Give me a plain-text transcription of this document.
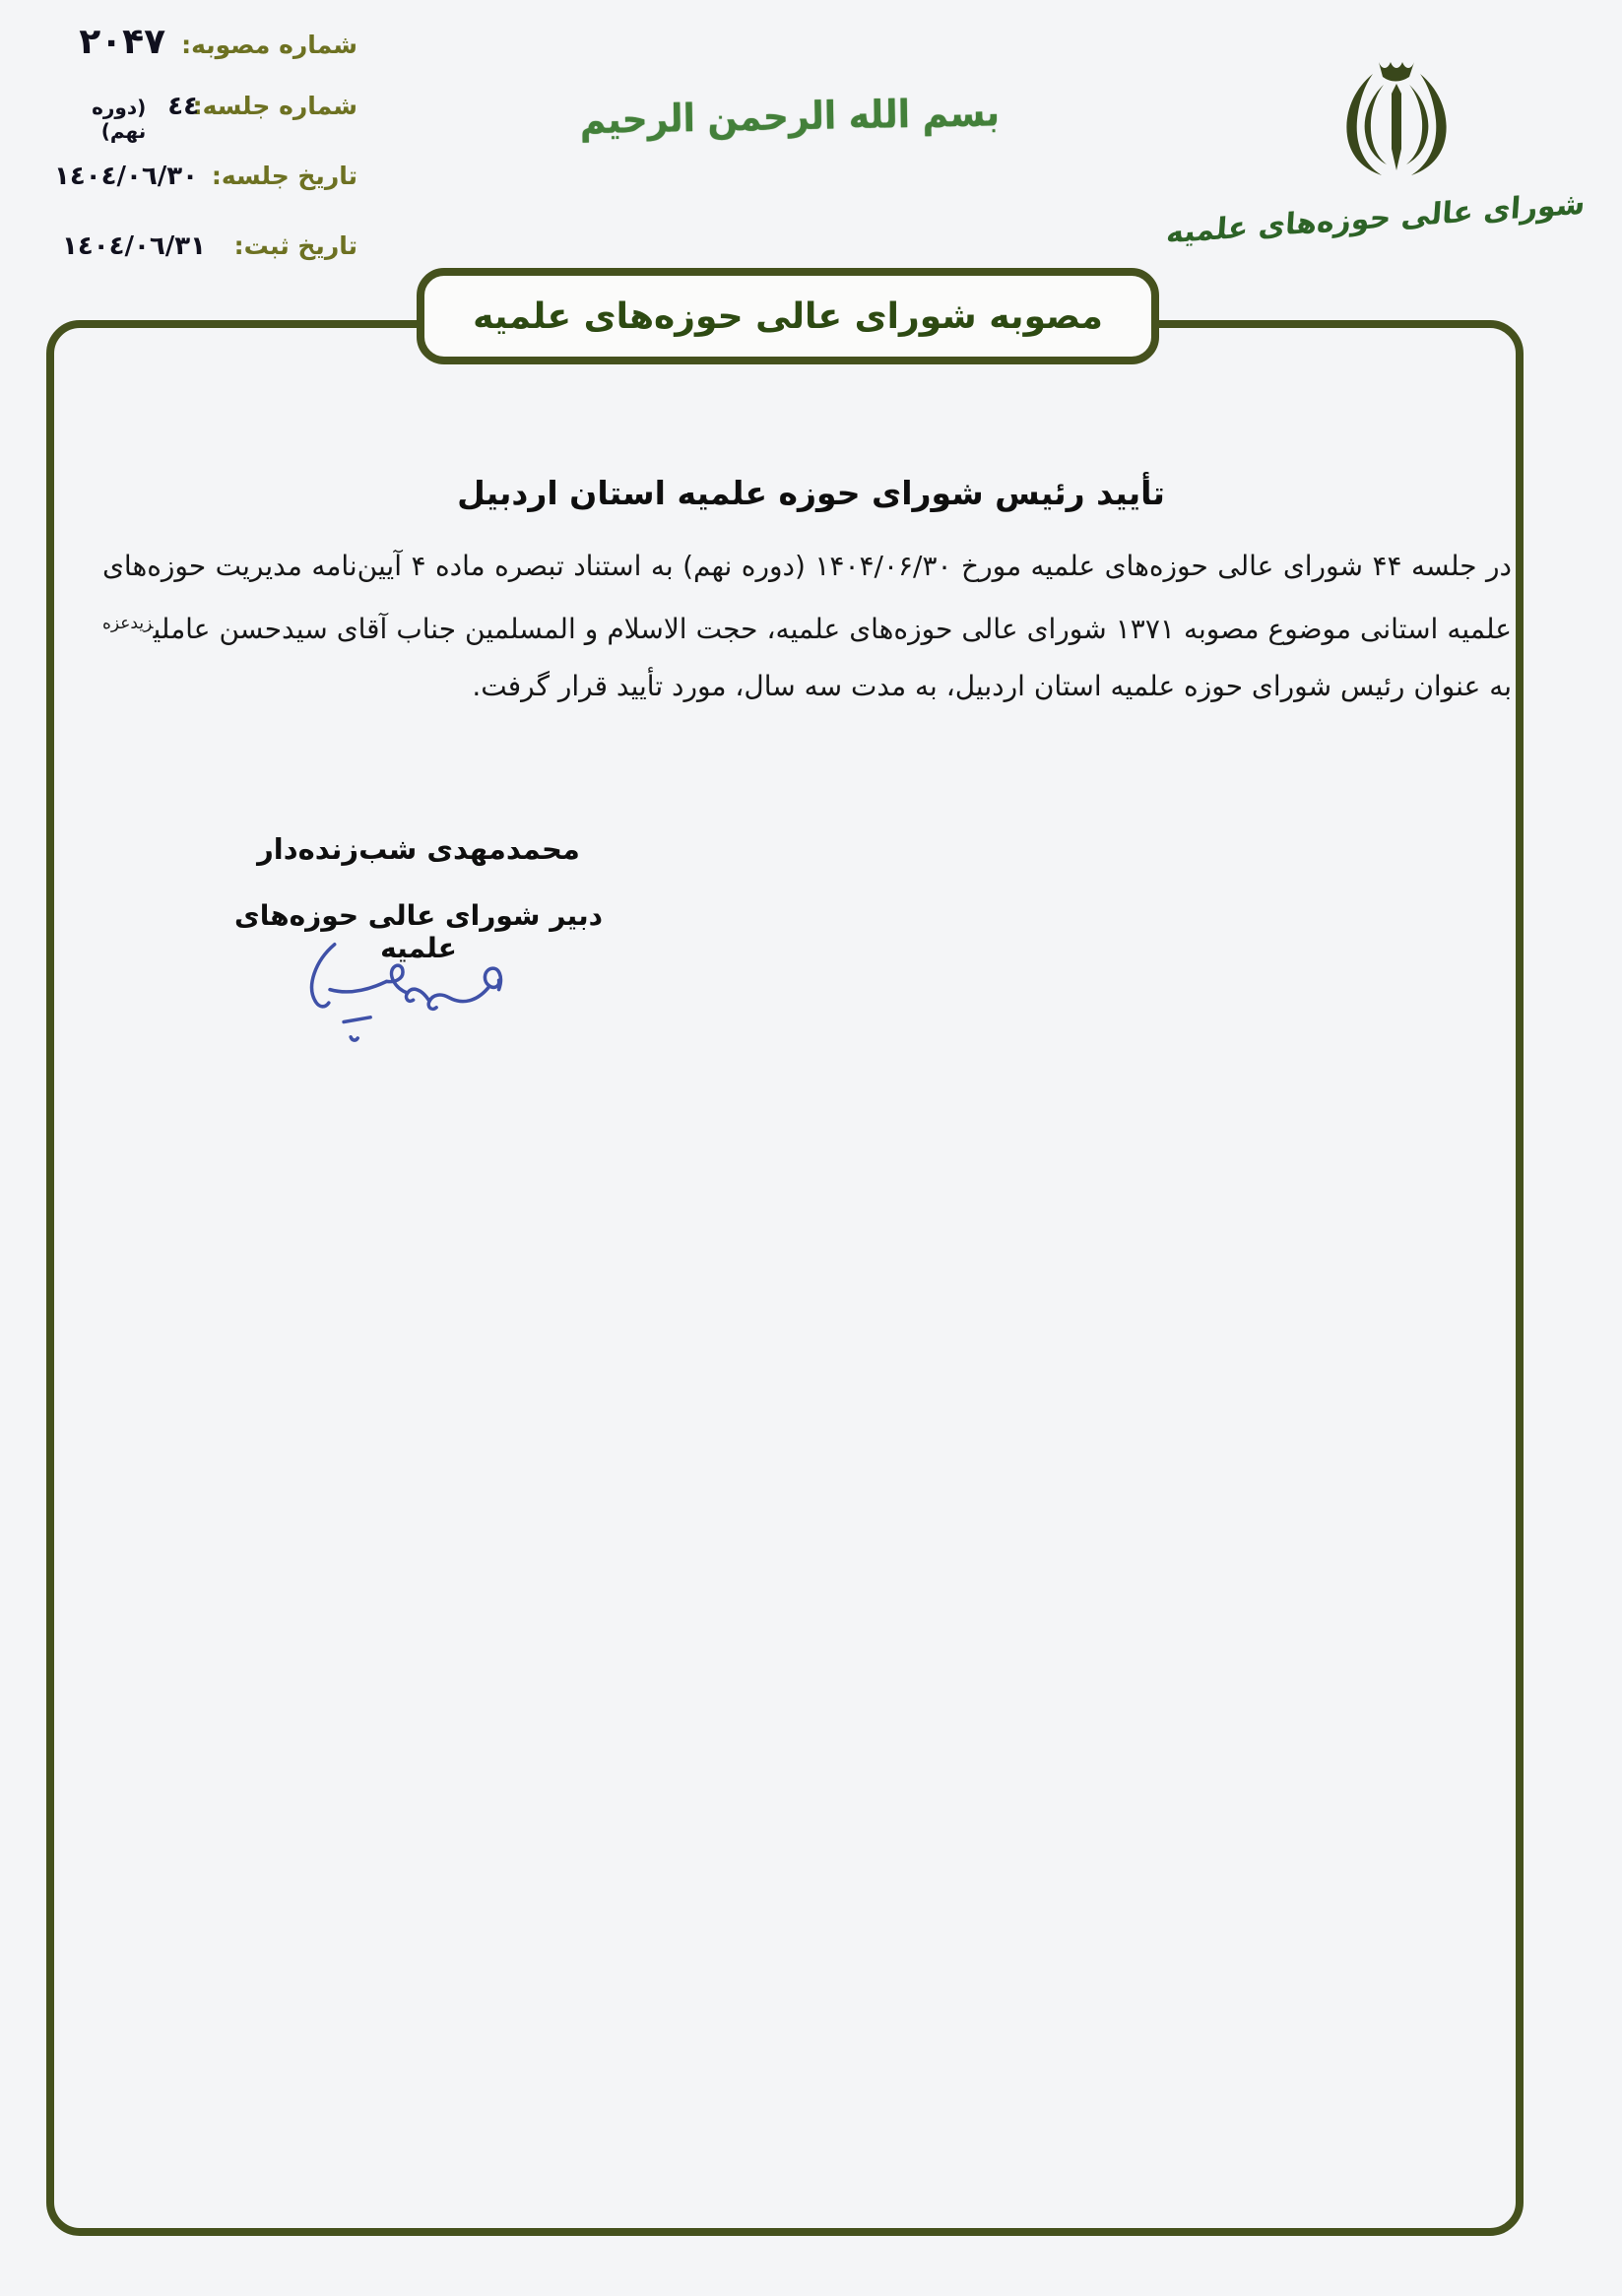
شماره مصوبه:
۲۰۴۷
شماره جلسه:
٤٤
(دوره نهم)
تاریخ جلسه:
١٤٠٤/٠٦/٣٠
تاریخ ثبت:
١٤٠٤/٠٦/٣١
بسم الله الرحمن الرحیم
شورای عالی حوزه‌های علمیه
مصوبه شورای عالی حوزه‌های علمیه
تأیید رئیس شورای حوزه علمیه استان اردبیل

در جلسه ۴۴ شورای عالی حوزه‌های علمیه مورخ ۱۴۰۴/۰۶/۳۰ (دوره نهم) به استناد تبصره ماده ۴ آیین‌نامه مدیریت حوزه‌های علمیه استانی موضوع مصوبه ۱۳۷۱ شورای عالی حوزه‌های علمیه، حجت الاسلام و المسلمین جناب آقای سیدحسن عاملی$^{زیدعزه}$ به عنوان رئیس شورای حوزه علمیه استان اردبیل، به مدت سه سال، مورد تأیید قرار گرفت.

محمدمهدی شب‌زنده‌دار
دبیر شورای عالی حوزه‌های علمیه
